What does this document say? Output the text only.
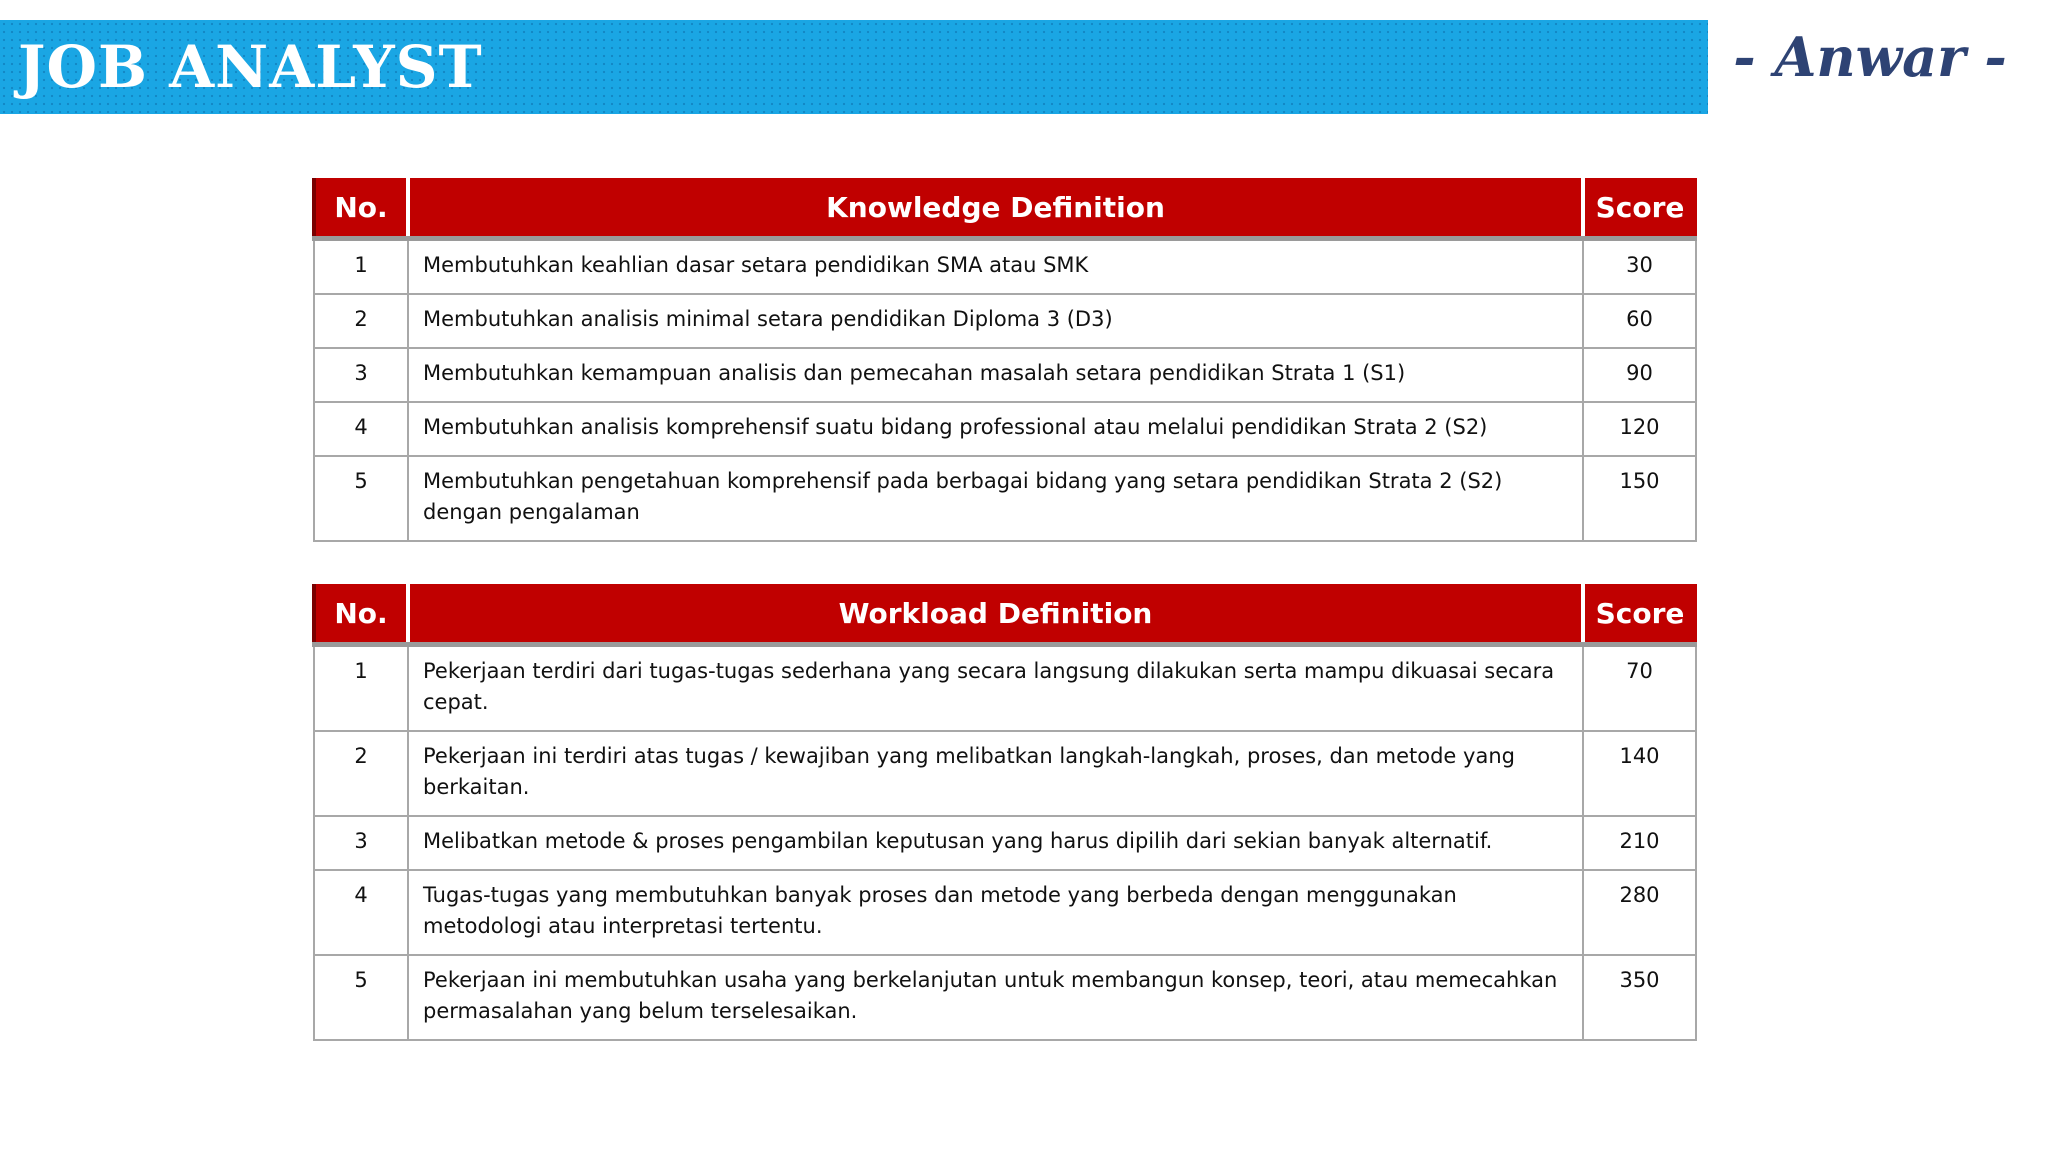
JOB ANALYST	- Anwar -
No.	Knowledge Definition	Score
1	Membutuhkan keahlian dasar setara pendidikan SMA atau SMK	30
2	Membutuhkan analisis minimal setara pendidikan Diploma 3 (D3)	60
3	Membutuhkan kemampuan analisis dan pemecahan masalah setara pendidikan Strata 1 (S1)	90
4	Membutuhkan analisis komprehensif suatu bidang professional atau melalui pendidikan Strata 2 (S2)	120
5	Membutuhkan pengetahuan komprehensif pada berbagai bidang yang setara pendidikan Strata 2 (S2) dengan pengalaman	150
No.	Workload Definition	Score
1	Pekerjaan terdiri dari tugas-tugas sederhana yang secara langsung dilakukan serta mampu dikuasai secara cepat.	70
2	Pekerjaan ini terdiri atas tugas / kewajiban yang melibatkan langkah-langkah, proses, dan metode yang berkaitan.	140
3	Melibatkan metode & proses pengambilan keputusan yang harus dipilih dari sekian banyak alternatif.	210
4	Tugas-tugas yang membutuhkan banyak proses dan metode yang berbeda dengan menggunakan metodologi atau interpretasi tertentu.	280
5	Pekerjaan ini membutuhkan usaha yang berkelanjutan untuk membangun konsep, teori, atau memecahkan permasalahan yang belum terselesaikan.	350
